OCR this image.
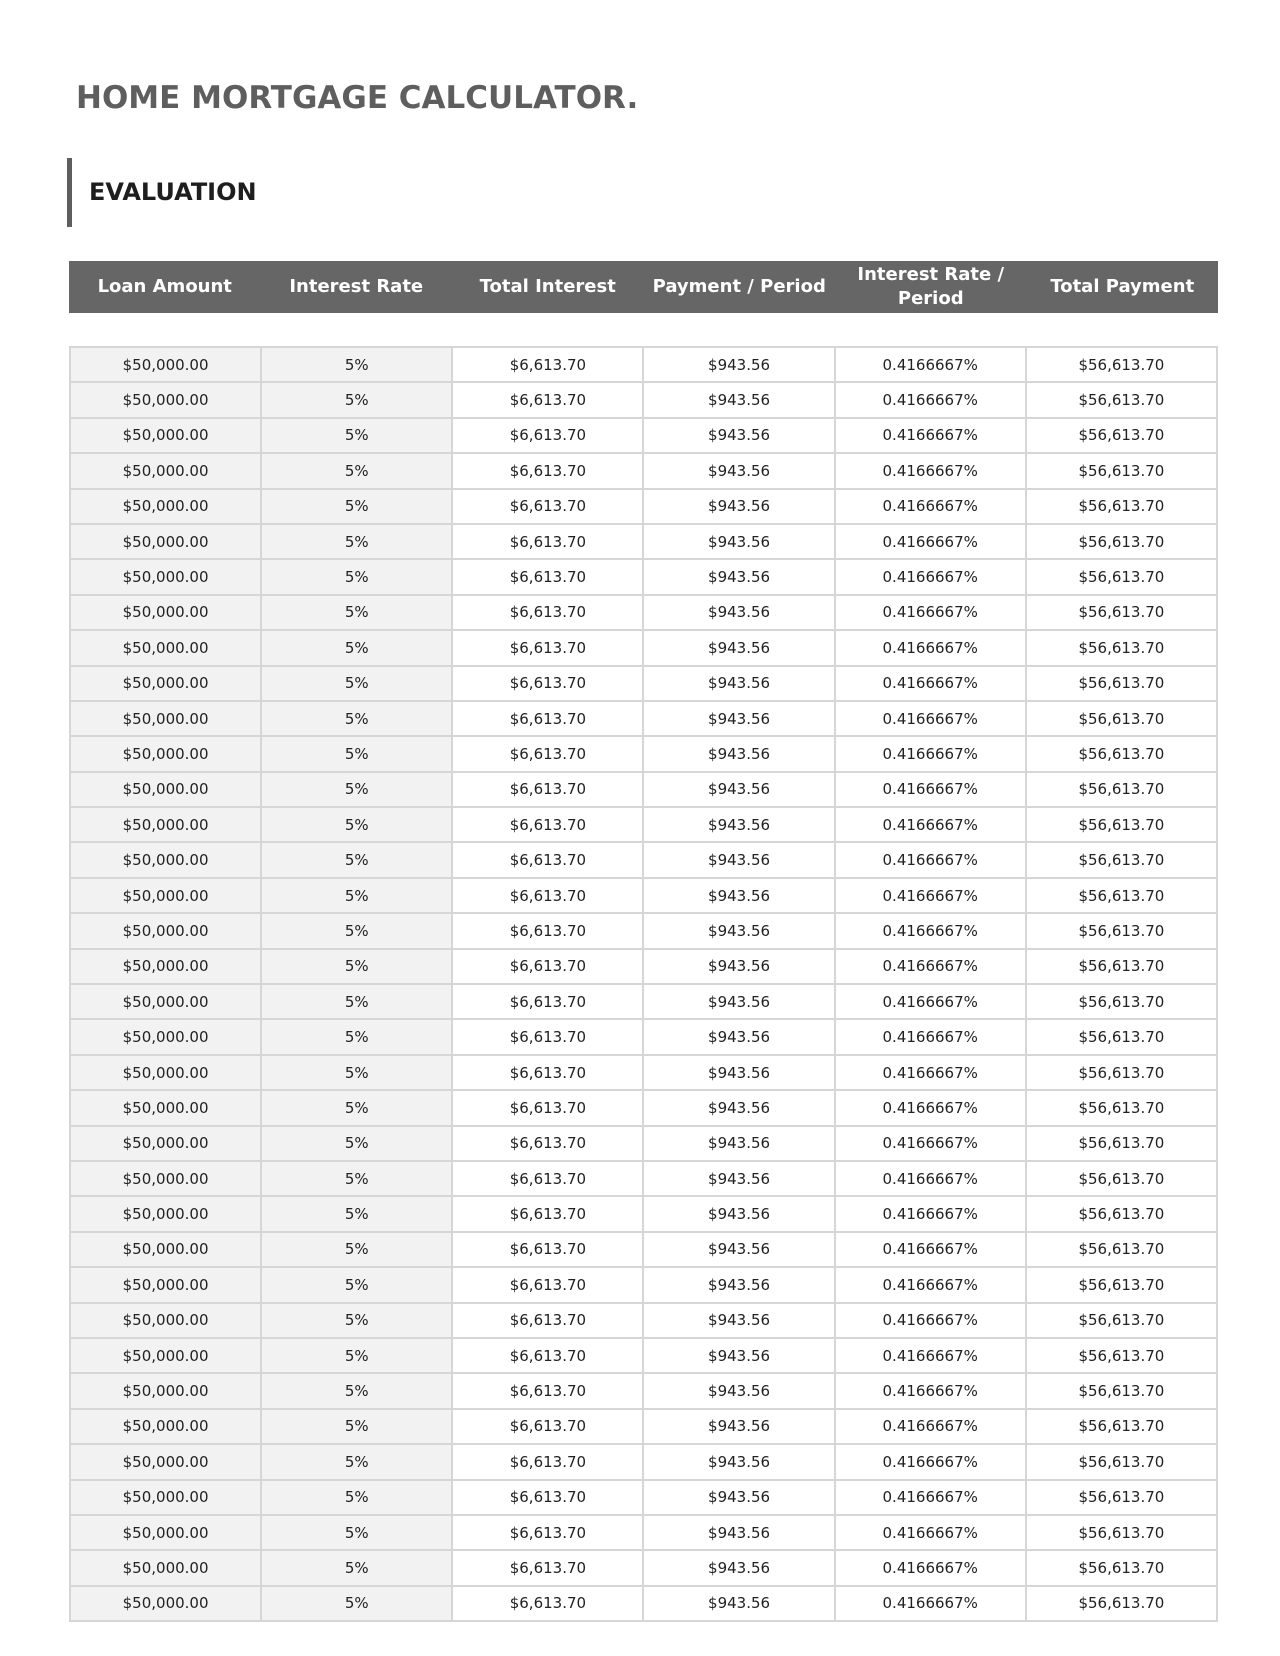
HOME MORTGAGE CALCULATOR.
EVALUATION
Loan Amount	Interest Rate	Total Interest	Payment / Period	Interest Rate / Period	Total Payment
$50,000.00	5%	$6,613.70	$943.56	0.4166667%	$56,613.70
$50,000.00	5%	$6,613.70	$943.56	0.4166667%	$56,613.70
$50,000.00	5%	$6,613.70	$943.56	0.4166667%	$56,613.70
$50,000.00	5%	$6,613.70	$943.56	0.4166667%	$56,613.70
$50,000.00	5%	$6,613.70	$943.56	0.4166667%	$56,613.70
$50,000.00	5%	$6,613.70	$943.56	0.4166667%	$56,613.70
$50,000.00	5%	$6,613.70	$943.56	0.4166667%	$56,613.70
$50,000.00	5%	$6,613.70	$943.56	0.4166667%	$56,613.70
$50,000.00	5%	$6,613.70	$943.56	0.4166667%	$56,613.70
$50,000.00	5%	$6,613.70	$943.56	0.4166667%	$56,613.70
$50,000.00	5%	$6,613.70	$943.56	0.4166667%	$56,613.70
$50,000.00	5%	$6,613.70	$943.56	0.4166667%	$56,613.70
$50,000.00	5%	$6,613.70	$943.56	0.4166667%	$56,613.70
$50,000.00	5%	$6,613.70	$943.56	0.4166667%	$56,613.70
$50,000.00	5%	$6,613.70	$943.56	0.4166667%	$56,613.70
$50,000.00	5%	$6,613.70	$943.56	0.4166667%	$56,613.70
$50,000.00	5%	$6,613.70	$943.56	0.4166667%	$56,613.70
$50,000.00	5%	$6,613.70	$943.56	0.4166667%	$56,613.70
$50,000.00	5%	$6,613.70	$943.56	0.4166667%	$56,613.70
$50,000.00	5%	$6,613.70	$943.56	0.4166667%	$56,613.70
$50,000.00	5%	$6,613.70	$943.56	0.4166667%	$56,613.70
$50,000.00	5%	$6,613.70	$943.56	0.4166667%	$56,613.70
$50,000.00	5%	$6,613.70	$943.56	0.4166667%	$56,613.70
$50,000.00	5%	$6,613.70	$943.56	0.4166667%	$56,613.70
$50,000.00	5%	$6,613.70	$943.56	0.4166667%	$56,613.70
$50,000.00	5%	$6,613.70	$943.56	0.4166667%	$56,613.70
$50,000.00	5%	$6,613.70	$943.56	0.4166667%	$56,613.70
$50,000.00	5%	$6,613.70	$943.56	0.4166667%	$56,613.70
$50,000.00	5%	$6,613.70	$943.56	0.4166667%	$56,613.70
$50,000.00	5%	$6,613.70	$943.56	0.4166667%	$56,613.70
$50,000.00	5%	$6,613.70	$943.56	0.4166667%	$56,613.70
$50,000.00	5%	$6,613.70	$943.56	0.4166667%	$56,613.70
$50,000.00	5%	$6,613.70	$943.56	0.4166667%	$56,613.70
$50,000.00	5%	$6,613.70	$943.56	0.4166667%	$56,613.70
$50,000.00	5%	$6,613.70	$943.56	0.4166667%	$56,613.70
$50,000.00	5%	$6,613.70	$943.56	0.4166667%	$56,613.70
